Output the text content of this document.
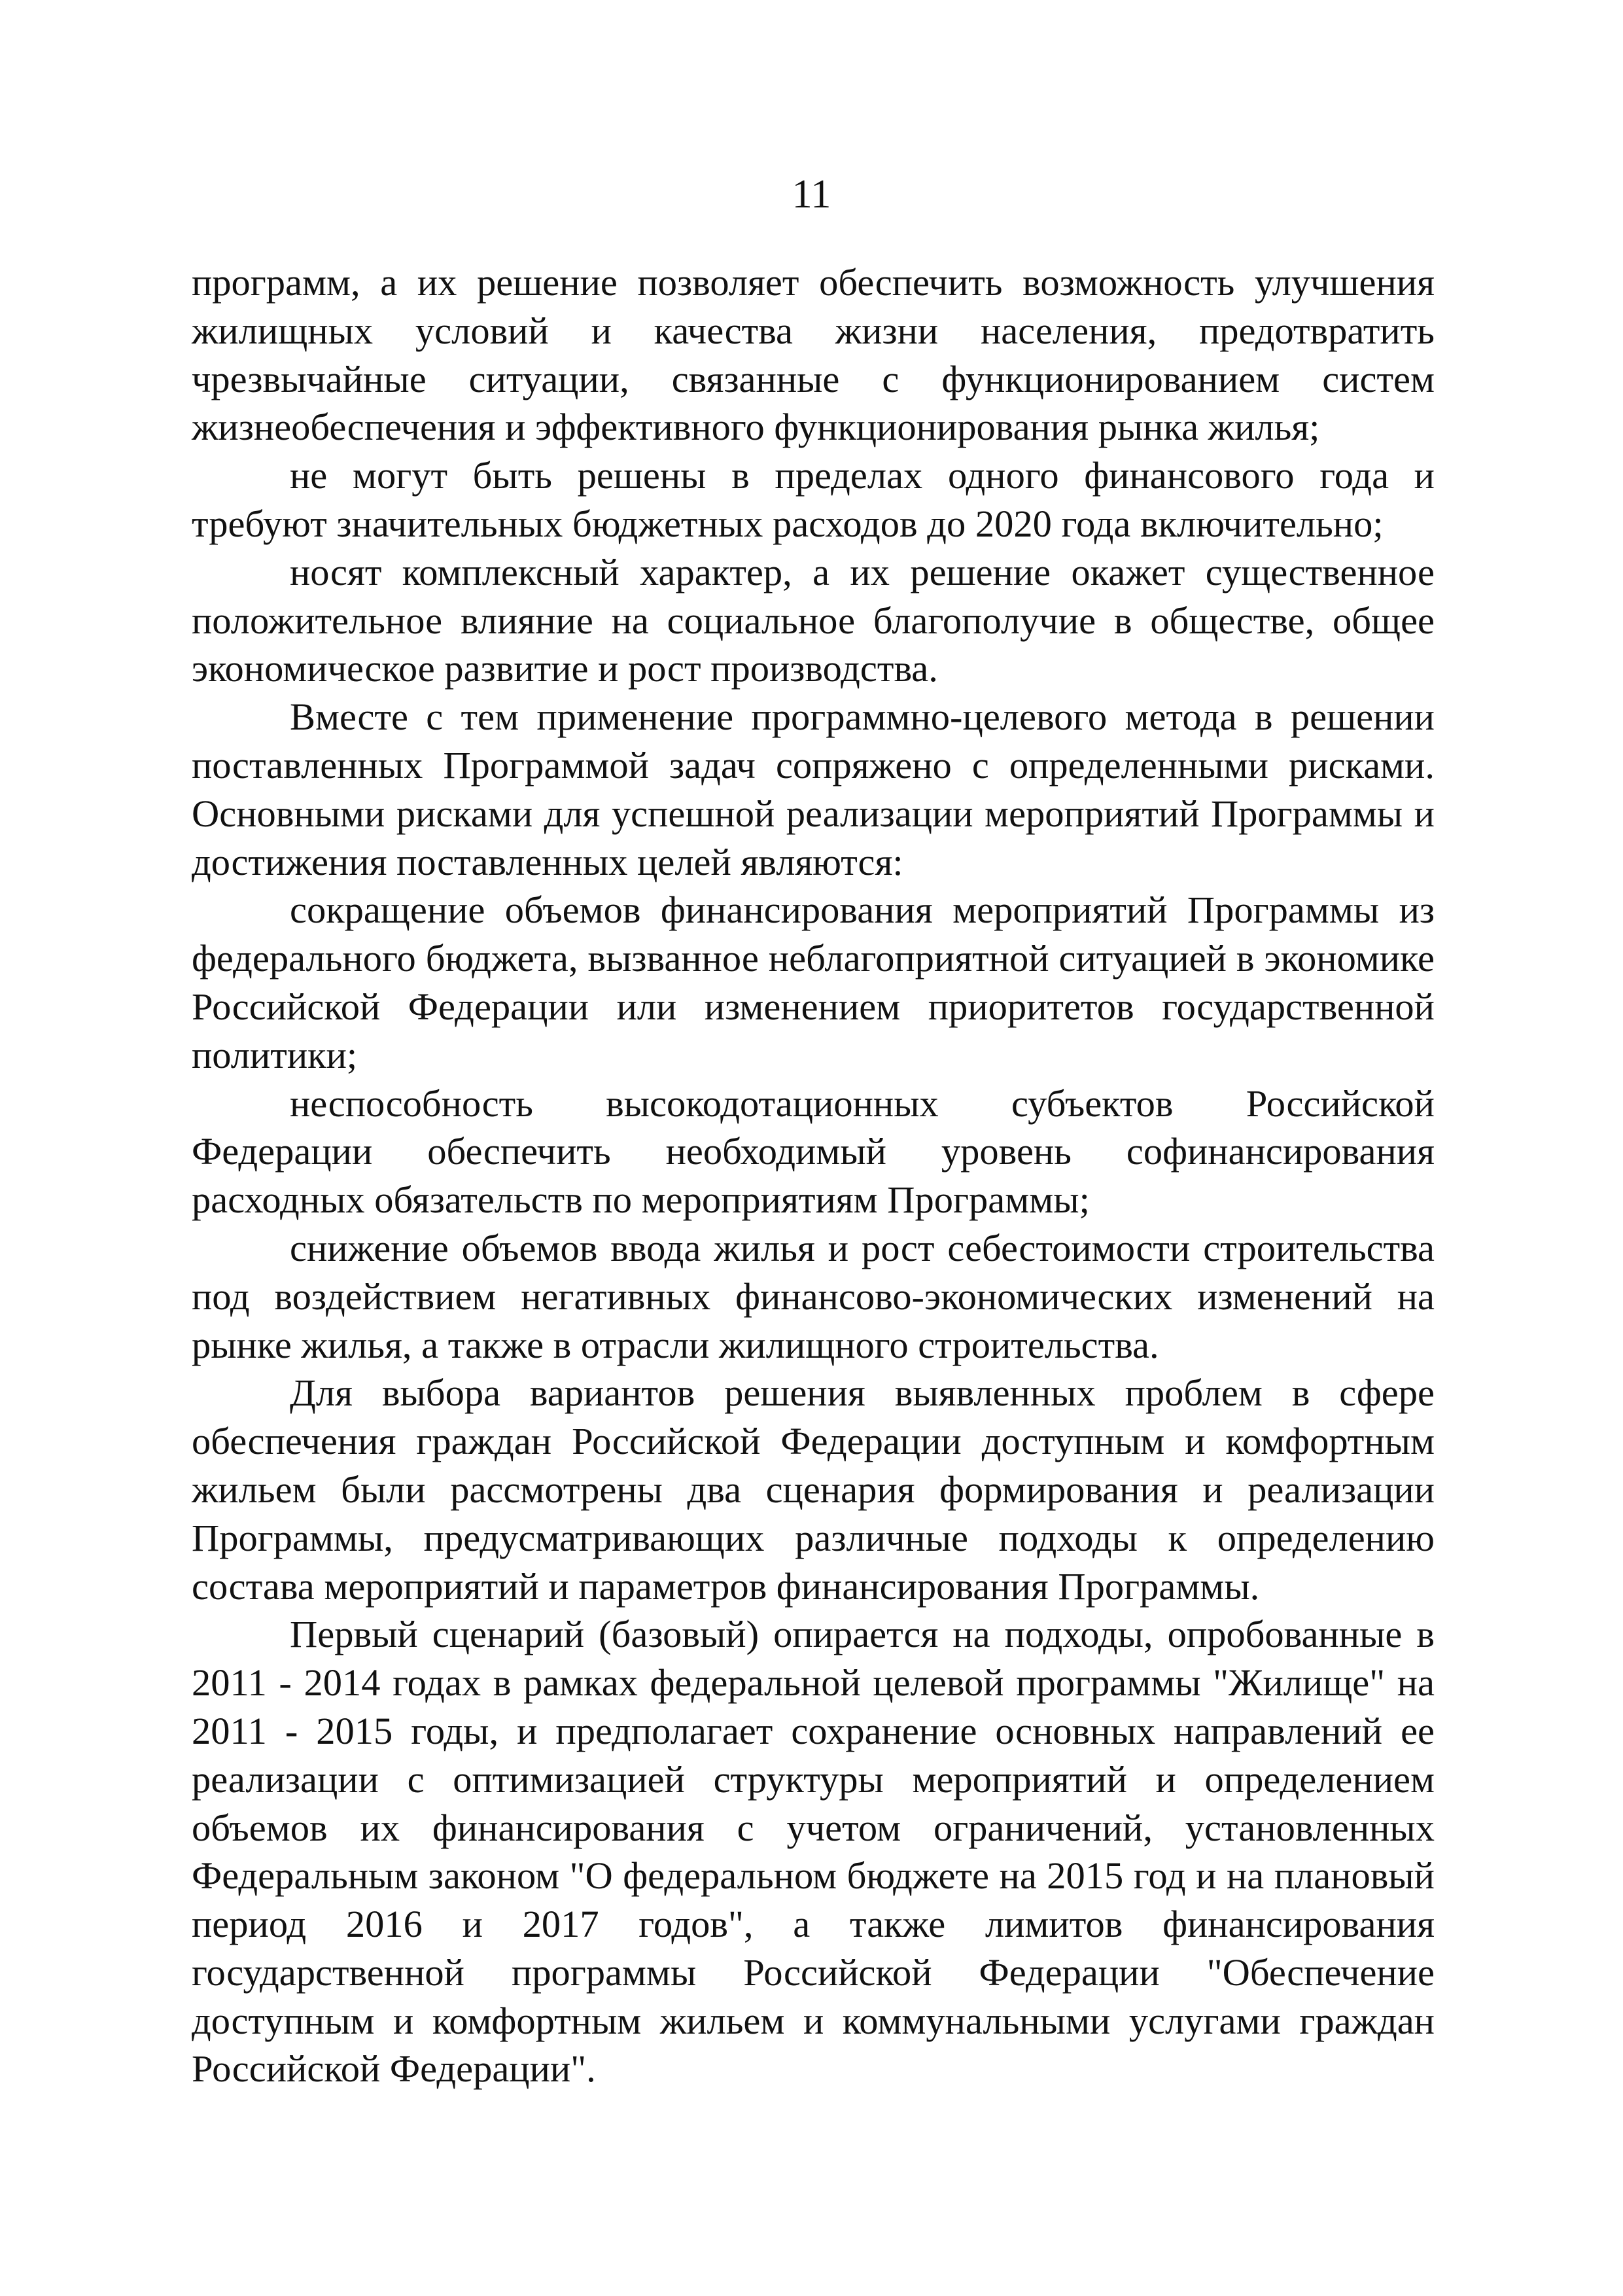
11

программ, а их решение позволяет обеспечить возможность улучшения жилищных условий и качества жизни населения, предотвратить чрезвычайные ситуации, связанные с функционированием систем жизнеобеспечения и эффективного функционирования рынка жилья;

не могут быть решены в пределах одного финансового года и требуют значительных бюджетных расходов до 2020 года включительно;

носят комплексный характер, а их решение окажет существенное положительное влияние на социальное благополучие в обществе, общее экономическое развитие и рост производства.

Вместе с тем применение программно-целевого метода в решении поставленных Программой задач сопряжено с определенными рисками. Основными рисками для успешной реализации мероприятий Программы и достижения поставленных целей являются:

сокращение объемов финансирования мероприятий Программы из федерального бюджета, вызванное неблагоприятной ситуацией в экономике Российской Федерации или изменением приоритетов государственной политики;

неспособность высокодотационных субъектов Российской Федерации обеспечить необходимый уровень софинансирования расходных обязательств по мероприятиям Программы;

снижение объемов ввода жилья и рост себестоимости строительства под воздействием негативных финансово-экономических изменений на рынке жилья, а также в отрасли жилищного строительства.

Для выбора вариантов решения выявленных проблем в сфере обеспечения граждан Российской Федерации доступным и комфортным жильем были рассмотрены два сценария формирования и реализации Программы, предусматривающих различные подходы к определению состава мероприятий и параметров финансирования Программы.

Первый сценарий (базовый) опирается на подходы, опробованные в 2011 - 2014 годах в рамках федеральной целевой программы "Жилище" на 2011 - 2015 годы, и предполагает сохранение основных направлений ее реализации с оптимизацией структуры мероприятий и определением объемов их финансирования с учетом ограничений, установленных Федеральным законом "О федеральном бюджете на 2015 год и на плановый период 2016 и 2017 годов", а также лимитов финансирования государственной программы Российской Федерации "Обеспечение доступным и комфортным жильем и коммунальными услугами граждан Российской Федерации".
